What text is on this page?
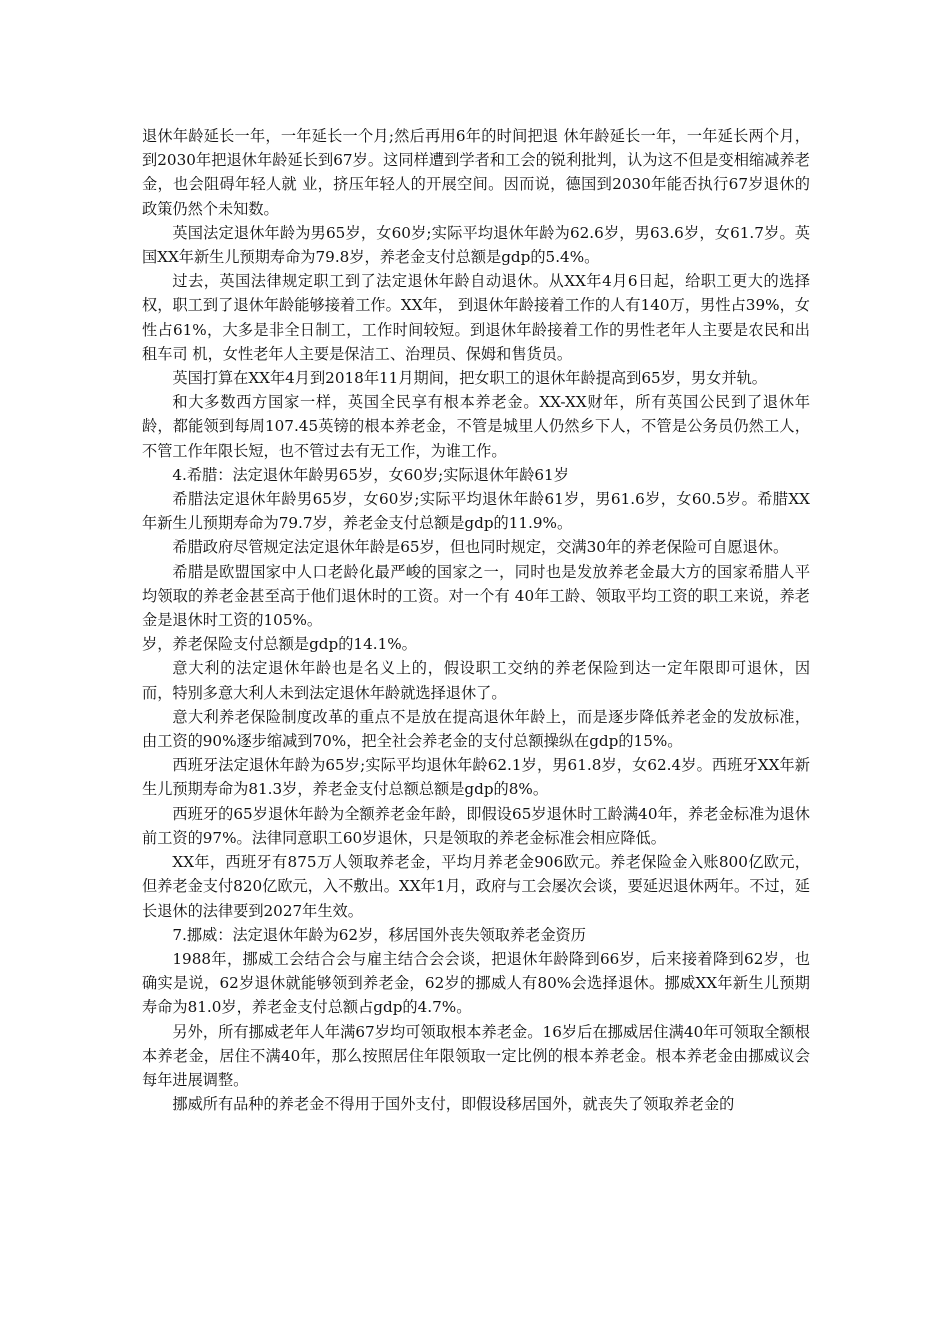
退休年龄延长一年，一年延长一个月;然后再用6年的时间把退 休年龄延长一年，一年延长两个月，到2030年把退休年龄延长到67岁。这同样遭到学者和工会的锐利批判，认为这不但是变相缩减养老金，也会阻碍年轻人就 业，挤压年轻人的开展空间。因而说，德国到2030年能否执行67岁退休的政策仍然个未知数。

英国法定退休年龄为男65岁，女60岁;实际平均退休年龄为62.6岁，男63.6岁，女61.7岁。英国XX年新生儿预期寿命为79.8岁，养老金支付总额是gdp的5.4%。

过去，英国法律规定职工到了法定退休年龄自动退休。从XX年4月6日起，给职工更大的选择权，职工到了退休年龄能够接着工作。XX年， 到退休年龄接着工作的人有140万，男性占39%，女性占61%，大多是非全日制工，工作时间较短。到退休年龄接着工作的男性老年人主要是农民和出租车司 机，女性老年人主要是保洁工、治理员、保姆和售货员。

英国打算在XX年4月到2018年11月期间，把女职工的退休年龄提高到65岁，男女并轨。

和大多数西方国家一样，英国全民享有根本养老金。XX-XX财年，所有英国公民到了退休年龄，都能领到每周107.45英镑的根本养老金，不管是城里人仍然乡下人，不管是公务员仍然工人，不管工作年限长短，也不管过去有无工作，为谁工作。

4.希腊：法定退休年龄男65岁，女60岁;实际退休年龄61岁

希腊法定退休年龄男65岁，女60岁;实际平均退休年龄61岁，男61.6岁，女60.5岁。希腊XX年新生儿预期寿命为79.7岁，养老金支付总额是gdp的11.9%。

希腊政府尽管规定法定退休年龄是65岁，但也同时规定，交满30年的养老保险可自愿退休。

希腊是欧盟国家中人口老龄化最严峻的国家之一，同时也是发放养老金最大方的国家希腊人平均领取的养老金甚至高于他们退休时的工资。对一个有 40年工龄、领取平均工资的职工来说，养老金是退休时工资的105%。

岁，养老保险支付总额是gdp的14.1%。

意大利的法定退休年龄也是名义上的，假设职工交纳的养老保险到达一定年限即可退休，因而，特别多意大利人未到法定退休年龄就选择退休了。

意大利养老保险制度改革的重点不是放在提高退休年龄上，而是逐步降低养老金的发放标准，由工资的90%逐步缩减到70%，把全社会养老金的支付总额操纵在gdp的15%。

西班牙法定退休年龄为65岁;实际平均退休年龄62.1岁，男61.8岁，女62.4岁。西班牙XX年新生儿预期寿命为81.3岁，养老金支付总额总额是gdp的8%。

西班牙的65岁退休年龄为全额养老金年龄，即假设65岁退休时工龄满40年，养老金标准为退休前工资的97%。法律同意职工60岁退休，只是领取的养老金标准会相应降低。

XX年，西班牙有875万人领取养老金，平均月养老金906欧元。养老保险金入账800亿欧元，但养老金支付820亿欧元，入不敷出。XX年1月，政府与工会屡次会谈，要延迟退休两年。不过，延长退休的法律要到2027年生效。

7.挪威：法定退休年龄为62岁，移居国外丧失领取养老金资历

1988年，挪威工会结合会与雇主结合会会谈，把退休年龄降到66岁，后来接着降到62岁，也确实是说，62岁退休就能够领到养老金，62岁的挪威人有80%会选择退休。挪威XX年新生儿预期寿命为81.0岁，养老金支付总额占gdp的4.7%。

另外，所有挪威老年人年满67岁均可领取根本养老金。16岁后在挪威居住满40年可领取全额根本养老金，居住不满40年，那么按照居住年限领取一定比例的根本养老金。根本养老金由挪威议会每年进展调整。

挪威所有品种的养老金不得用于国外支付，即假设移居国外，就丧失了领取养老金的
